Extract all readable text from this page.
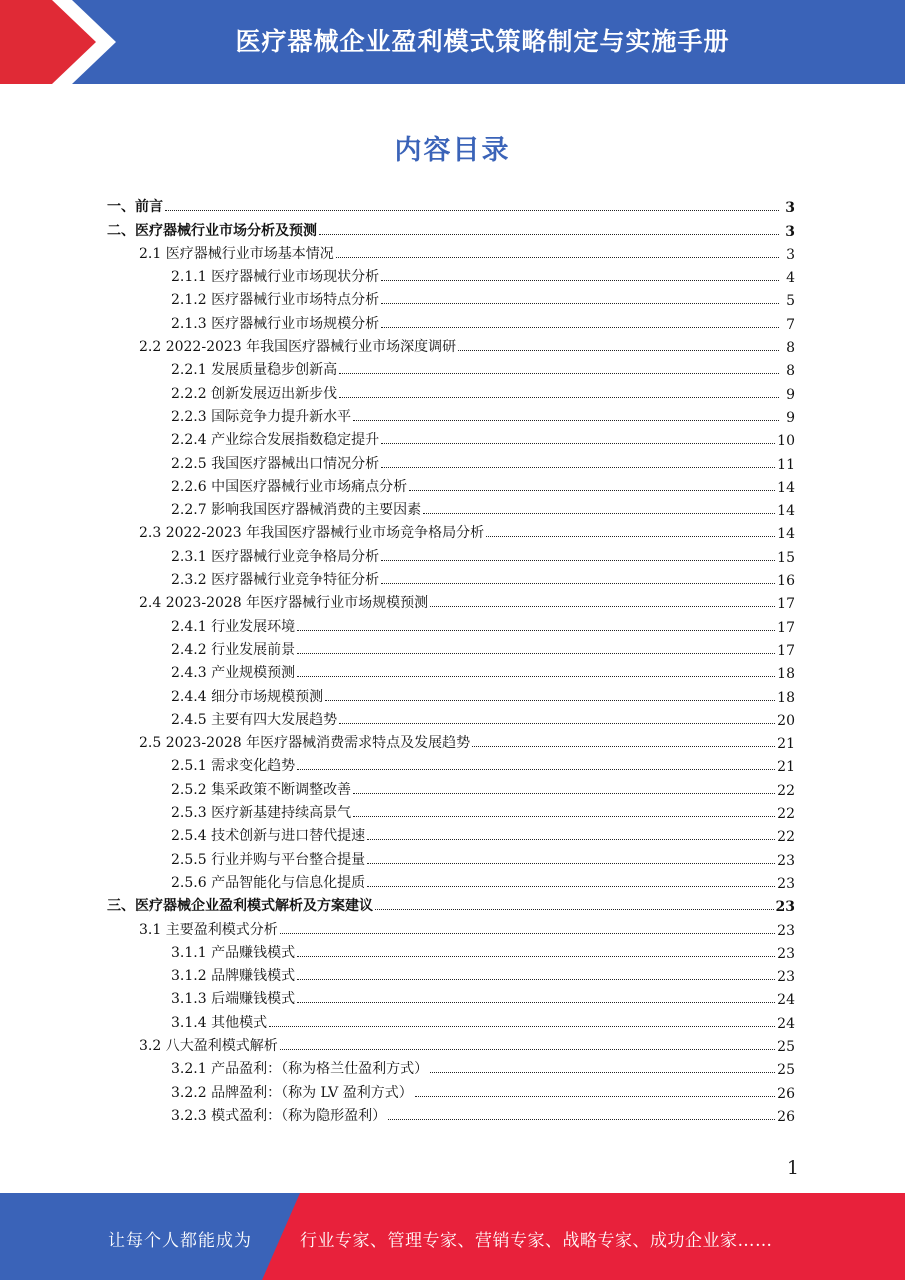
医疗器械企业盈利模式策略制定与实施手册
内容目录
一、前言	3
二、医疗器械行业市场分析及预测	3
2.1 医疗器械行业市场基本情况	3
2.1.1 医疗器械行业市场现状分析	4
2.1.2 医疗器械行业市场特点分析	5
2.1.3 医疗器械行业市场规模分析	7
2.2 2022-2023 年我国医疗器械行业市场深度调研	8
2.2.1 发展质量稳步创新高	8
2.2.2 创新发展迈出新步伐	9
2.2.3 国际竞争力提升新水平	9
2.2.4 产业综合发展指数稳定提升	10
2.2.5 我国医疗器械出口情况分析	11
2.2.6 中国医疗器械行业市场痛点分析	14
2.2.7 影响我国医疗器械消费的主要因素	14
2.3 2022-2023 年我国医疗器械行业市场竞争格局分析	14
2.3.1 医疗器械行业竞争格局分析	15
2.3.2 医疗器械行业竞争特征分析	16
2.4 2023-2028 年医疗器械行业市场规模预测	17
2.4.1 行业发展环境	17
2.4.2 行业发展前景	17
2.4.3 产业规模预测	18
2.4.4 细分市场规模预测	18
2.4.5 主要有四大发展趋势	20
2.5 2023-2028 年医疗器械消费需求特点及发展趋势	21
2.5.1 需求变化趋势	21
2.5.2 集采政策不断调整改善	22
2.5.3 医疗新基建持续高景气	22
2.5.4 技术创新与进口替代提速	22
2.5.5 行业并购与平台整合提量	23
2.5.6 产品智能化与信息化提质	23
三、医疗器械企业盈利模式解析及方案建议	23
3.1 主要盈利模式分析	23
3.1.1 产品赚钱模式	23
3.1.2 品牌赚钱模式	23
3.1.3 后端赚钱模式	24
3.1.4 其他模式	24
3.2 八大盈利模式解析	25
3.2.1 产品盈利：（称为格兰仕盈利方式）	25
3.2.2 品牌盈利：（称为 LV 盈利方式）	26
3.2.3 模式盈利：（称为隐形盈利）	26
1
让每个人都能成为	行业专家、管理专家、营销专家、战略专家、成功企业家……
